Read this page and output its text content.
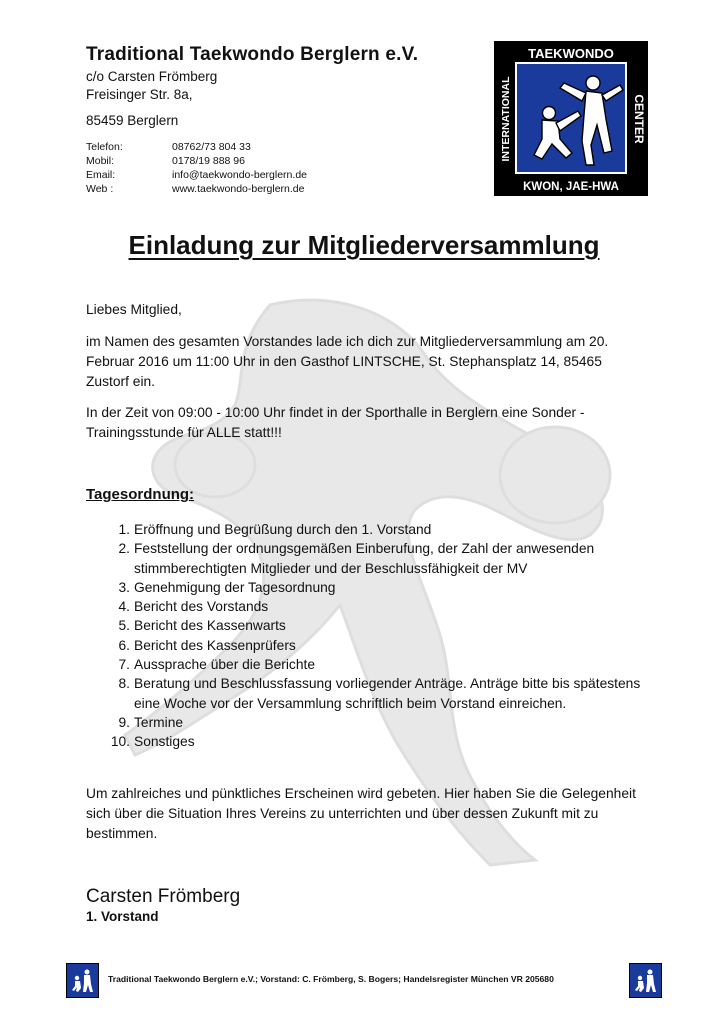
Traditional Taekwondo Berglern e.V.
c/o Carsten Frömberg
Freisinger Str. 8a,
85459 Berglern
Telefon:	08762/73 804 33
Mobil:	0178/19 888 96
Email:	info@taekwondo-berglern.de
Web :	www.taekwondo-berglern.de
TAEKWONDO
KWON, JAE-HWA
INTERNATIONAL	CENTER
Einladung zur Mitgliederversammlung
Liebes Mitglied,
im Namen des gesamten Vorstandes lade ich dich zur Mitgliederversammlung am 20. Februar 2016 um 11:00 Uhr in den Gasthof LINTSCHE, St. Stephansplatz 14, 85465 Zustorf ein.
In der Zeit von 09:00 - 10:00 Uhr findet in der Sporthalle in Berglern eine Sonder - Trainingsstunde für ALLE statt!!!
Tagesordnung:
1. Eröffnung und Begrüßung durch den 1. Vorstand
2. Feststellung der ordnungsgemäßen Einberufung, der Zahl der anwesenden stimmberechtigten Mitglieder und der Beschlussfähigkeit der MV
3. Genehmigung der Tagesordnung
4. Bericht des Vorstands
5. Bericht des Kassenwarts
6. Bericht des Kassenprüfers
7. Aussprache über die Berichte
8. Beratung und Beschlussfassung vorliegender Anträge. Anträge bitte bis spätestens eine Woche vor der Versammlung schriftlich beim Vorstand einreichen.
9. Termine
10. Sonstiges
Um zahlreiches und pünktliches Erscheinen wird gebeten. Hier haben Sie die Gelegenheit sich über die Situation Ihres Vereins zu unterrichten und über dessen Zukunft mit zu bestimmen.
Carsten Frömberg
1. Vorstand
Traditional Taekwondo Berglern e.V.; Vorstand: C. Frömberg, S. Bogers; Handelsregister München VR 205680
